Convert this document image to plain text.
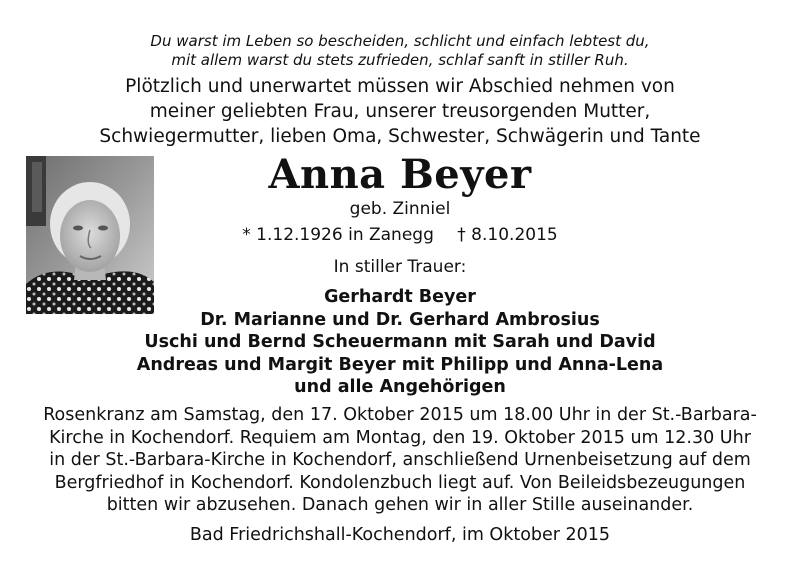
Du warst im Leben so bescheiden, schlicht und einfach lebtest du,
mit allem warst du stets zufrieden, schlaf sanft in stiller Ruh.
Plötzlich und unerwartet müssen wir Abschied nehmen von
meiner geliebten Frau, unserer treusorgenden Mutter,
Schwiegermutter, lieben Oma, Schwester, Schwägerin und Tante
Anna Beyer
geb. Zinniel
* 1.12.1926 in Zanegg † 8.10.2015
In stiller Trauer:
Gerhardt Beyer
Dr. Marianne und Dr. Gerhard Ambrosius
Uschi und Bernd Scheuermann mit Sarah und David
Andreas und Margit Beyer mit Philipp und Anna-Lena
und alle Angehörigen
Rosenkranz am Samstag, den 17. Oktober 2015 um 18.00 Uhr in der St.-Barbara-
Kirche in Kochendorf. Requiem am Montag, den 19. Oktober 2015 um 12.30 Uhr
in der St.-Barbara-Kirche in Kochendorf, anschließend Urnenbeisetzung auf dem
Bergfriedhof in Kochendorf. Kondolenzbuch liegt auf. Von Beileidsbezeugungen
bitten wir abzusehen. Danach gehen wir in aller Stille auseinander.
Bad Friedrichshall-Kochendorf, im Oktober 2015
